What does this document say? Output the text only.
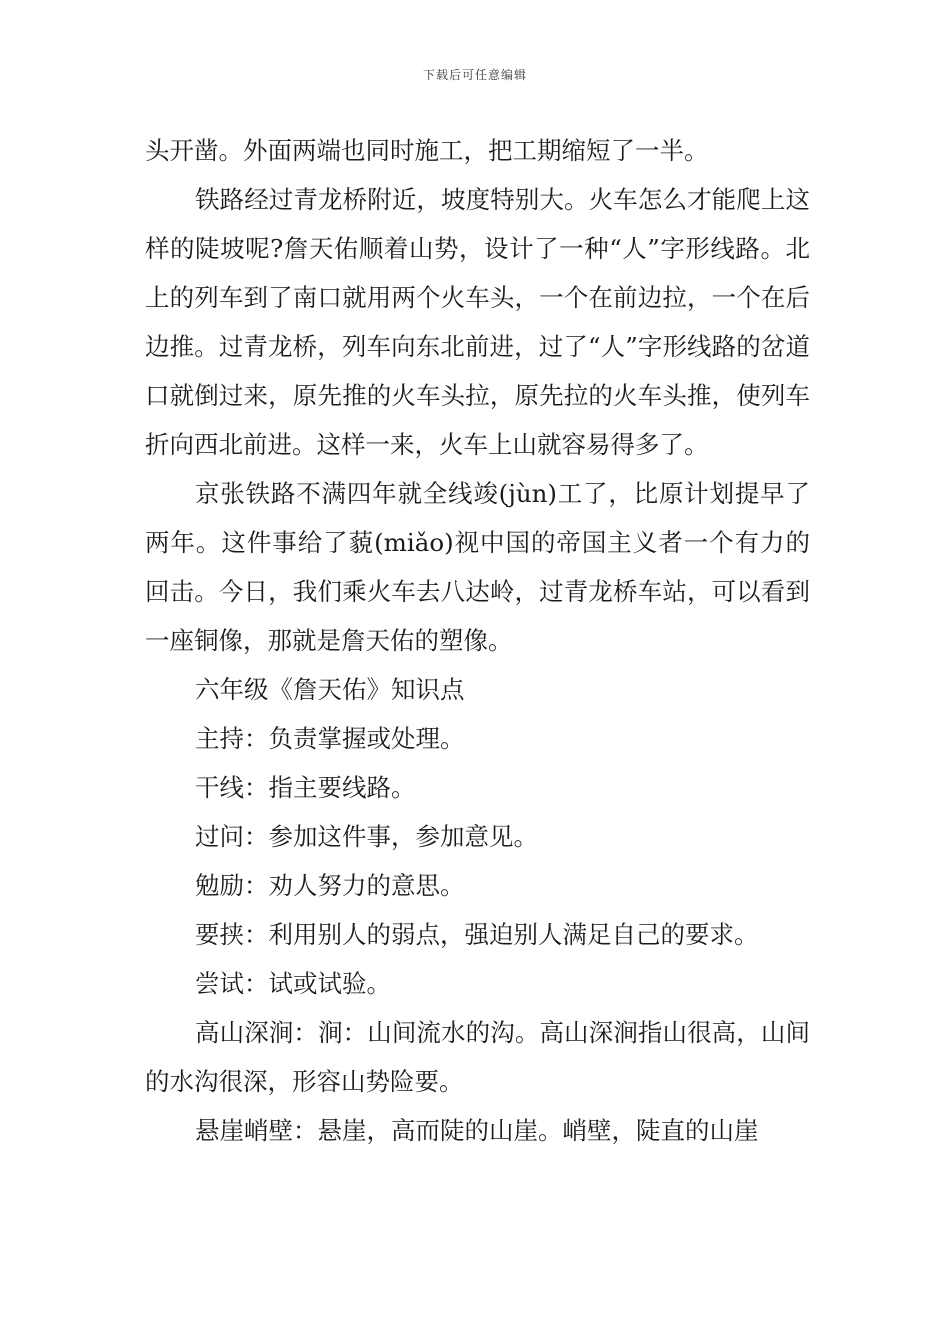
下载后可任意编辑

头开凿。外面两端也同时施工，把工期缩短了一半。

铁路经过青龙桥附近，坡度特别大。火车怎么才能爬上这样的陡坡呢?詹天佑顺着山势，设计了一种“人”字形线路。北上的列车到了南口就用两个火车头，一个在前边拉，一个在后边推。过青龙桥，列车向东北前进，过了“人”字形线路的岔道口就倒过来，原先推的火车头拉，原先拉的火车头推，使列车折向西北前进。这样一来，火车上山就容易得多了。

京张铁路不满四年就全线竣(jùn)工了，比原计划提早了两年。这件事给了藐(miǎo)视中国的帝国主义者一个有力的回击。今日，我们乘火车去八达岭，过青龙桥车站，可以看到一座铜像，那就是詹天佑的塑像。

六年级《詹天佑》知识点

主持：负责掌握或处理。

干线：指主要线路。

过问：参加这件事，参加意见。

勉励：劝人努力的意思。

要挟：利用别人的弱点，强迫别人满足自己的要求。

尝试：试或试验。

高山深涧：涧：山间流水的沟。高山深涧指山很高，山间的水沟很深，形容山势险要。

悬崖峭壁：悬崖，高而陡的山崖。峭壁，陡直的山崖
